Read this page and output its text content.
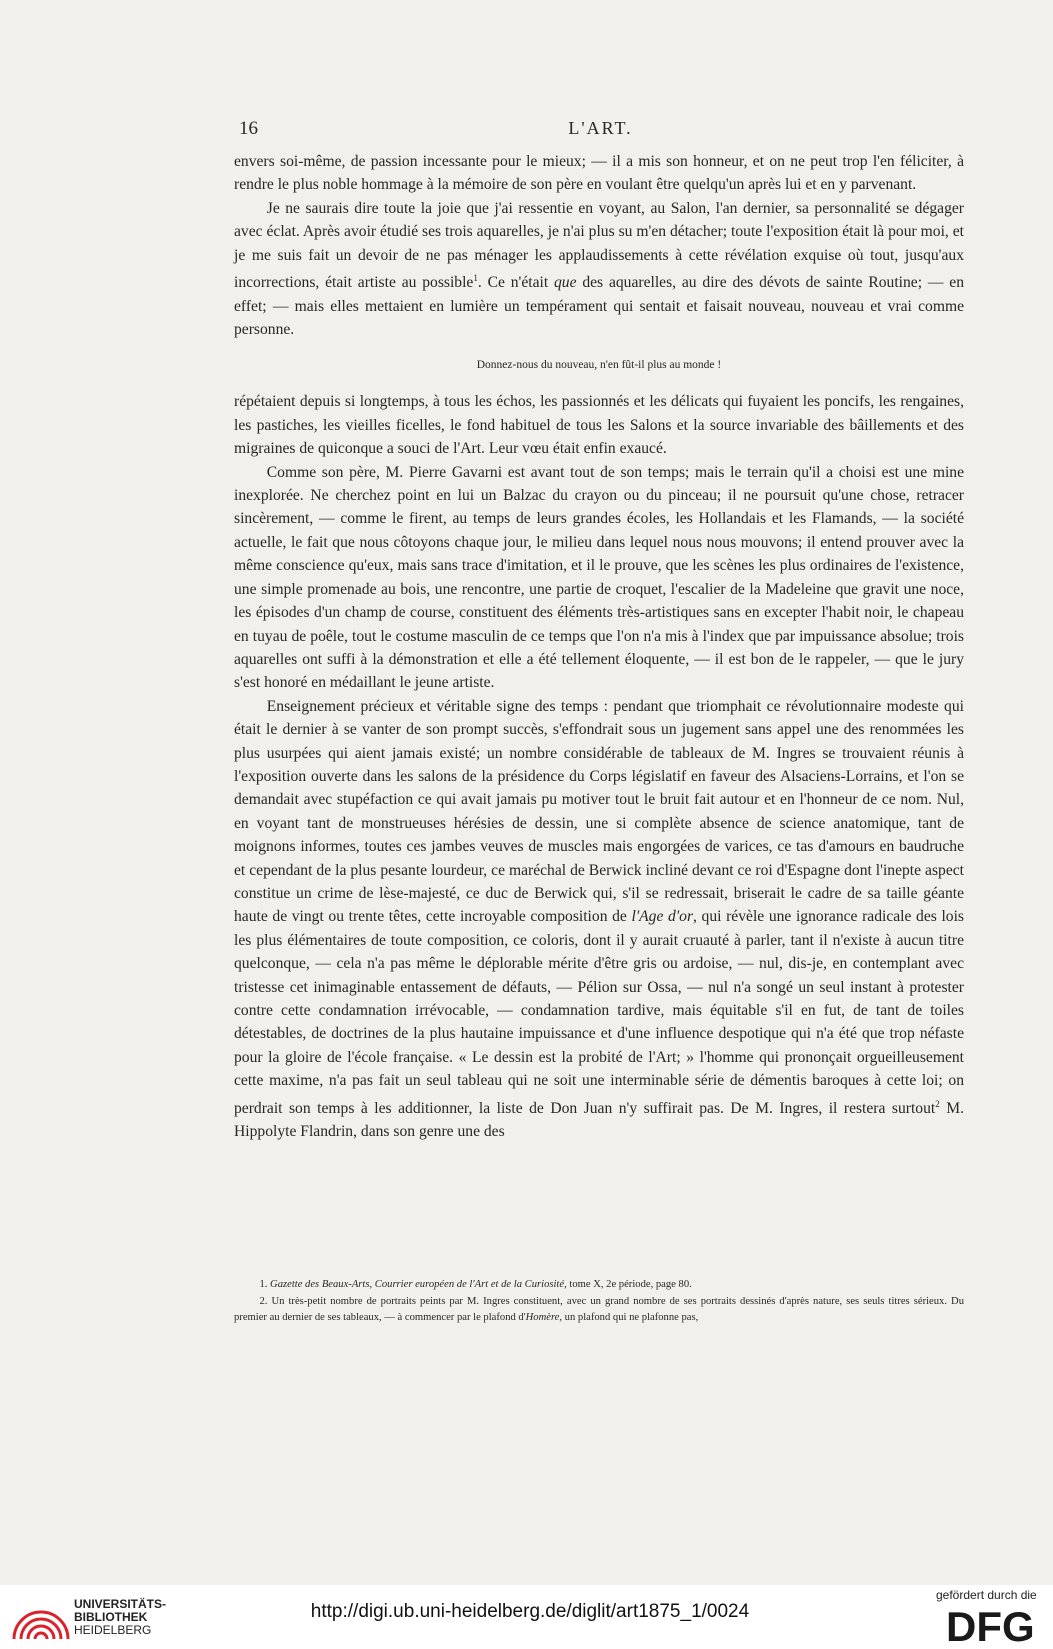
16	L'ART.

envers soi-même, de passion incessante pour le mieux; — il a mis son honneur, et on ne peut trop l'en féliciter, à rendre le plus noble hommage à la mémoire de son père en voulant être quelqu'un après lui et en y parvenant.

Je ne saurais dire toute la joie que j'ai ressentie en voyant, au Salon, l'an dernier, sa personnalité se dégager avec éclat. Après avoir étudié ses trois aquarelles, je n'ai plus su m'en détacher; toute l'exposition était là pour moi, et je me suis fait un devoir de ne pas ménager les applaudissements à cette révélation exquise où tout, jusqu'aux incorrections, était artiste au possible$^1$. Ce n'était que des aquarelles, au dire des dévots de sainte Routine; — en effet; — mais elles mettaient en lumière un tempérament qui sentait et faisait nouveau, nouveau et vrai comme personne.

Donnez-nous du nouveau, n'en fût-il plus au monde !

répétaient depuis si longtemps, à tous les échos, les passionnés et les délicats qui fuyaient les poncifs, les rengaines, les pastiches, les vieilles ficelles, le fond habituel de tous les Salons et la source invariable des bâillements et des migraines de quiconque a souci de l'Art. Leur vœu était enfin exaucé.

Comme son père, M. Pierre Gavarni est avant tout de son temps; mais le terrain qu'il a choisi est une mine inexplorée. Ne cherchez point en lui un Balzac du crayon ou du pinceau; il ne poursuit qu'une chose, retracer sincèrement, — comme le firent, au temps de leurs grandes écoles, les Hollandais et les Flamands, — la société actuelle, le fait que nous côtoyons chaque jour, le milieu dans lequel nous nous mouvons; il entend prouver avec la même conscience qu'eux, mais sans trace d'imitation, et il le prouve, que les scènes les plus ordinaires de l'existence, une simple promenade au bois, une rencontre, une partie de croquet, l'escalier de la Madeleine que gravit une noce, les épisodes d'un champ de course, constituent des éléments très-artistiques sans en excepter l'habit noir, le chapeau en tuyau de poêle, tout le costume masculin de ce temps que l'on n'a mis à l'index que par impuissance absolue; trois aquarelles ont suffi à la démonstration et elle a été tellement éloquente, — il est bon de le rappeler, — que le jury s'est honoré en médaillant le jeune artiste.

Enseignement précieux et véritable signe des temps : pendant que triomphait ce révolutionnaire modeste qui était le dernier à se vanter de son prompt succès, s'effondrait sous un jugement sans appel une des renommées les plus usurpées qui aient jamais existé; un nombre considérable de tableaux de M. Ingres se trouvaient réunis à l'exposition ouverte dans les salons de la présidence du Corps législatif en faveur des Alsaciens-Lorrains, et l'on se demandait avec stupéfaction ce qui avait jamais pu motiver tout le bruit fait autour et en l'honneur de ce nom. Nul, en voyant tant de monstrueuses hérésies de dessin, une si complète absence de science anatomique, tant de moignons informes, toutes ces jambes veuves de muscles mais engorgées de varices, ce tas d'amours en baudruche et cependant de la plus pesante lourdeur, ce maréchal de Berwick incliné devant ce roi d'Espagne dont l'inepte aspect constitue un crime de lèse-majesté, ce duc de Berwick qui, s'il se redressait, briserait le cadre de sa taille géante haute de vingt ou trente têtes, cette incroyable composition de l'Age d'or, qui révèle une ignorance radicale des lois les plus élémentaires de toute composition, ce coloris, dont il y aurait cruauté à parler, tant il n'existe à aucun titre quelconque, — cela n'a pas même le déplorable mérite d'être gris ou ardoise, — nul, dis-je, en contemplant avec tristesse cet inimaginable entassement de défauts, — Pélion sur Ossa, — nul n'a songé un seul instant à protester contre cette condamnation irrévocable, — condamnation tardive, mais équitable s'il en fut, de tant de toiles détestables, de doctrines de la plus hautaine impuissance et d'une influence despotique qui n'a été que trop néfaste pour la gloire de l'école française. « Le dessin est la probité de l'Art; » l'homme qui prononçait orgueilleusement cette maxime, n'a pas fait un seul tableau qui ne soit une interminable série de démentis baroques à cette loi; on perdrait son temps à les additionner, la liste de Don Juan n'y suffirait pas. De M. Ingres, il restera surtout$^2$ M. Hippolyte Flandrin, dans son genre une des

1. Gazette des Beaux-Arts, Courrier européen de l'Art et de la Curiosité, tome X, 2e période, page 80.

2. Un très-petit nombre de portraits peints par M. Ingres constituent, avec un grand nombre de ses portraits dessinés d'après nature, ses seuls titres sérieux. Du premier au dernier de ses tableaux, — à commencer par le plafond d'Homère, un plafond qui ne plafonne pas,

UNIVERSITÄTS-
BIBLIOTHEK
HEIDELBERG
http://digi.ub.uni-heidelberg.de/diglit/art1875_1/0024
gefördert durch die
DFG
